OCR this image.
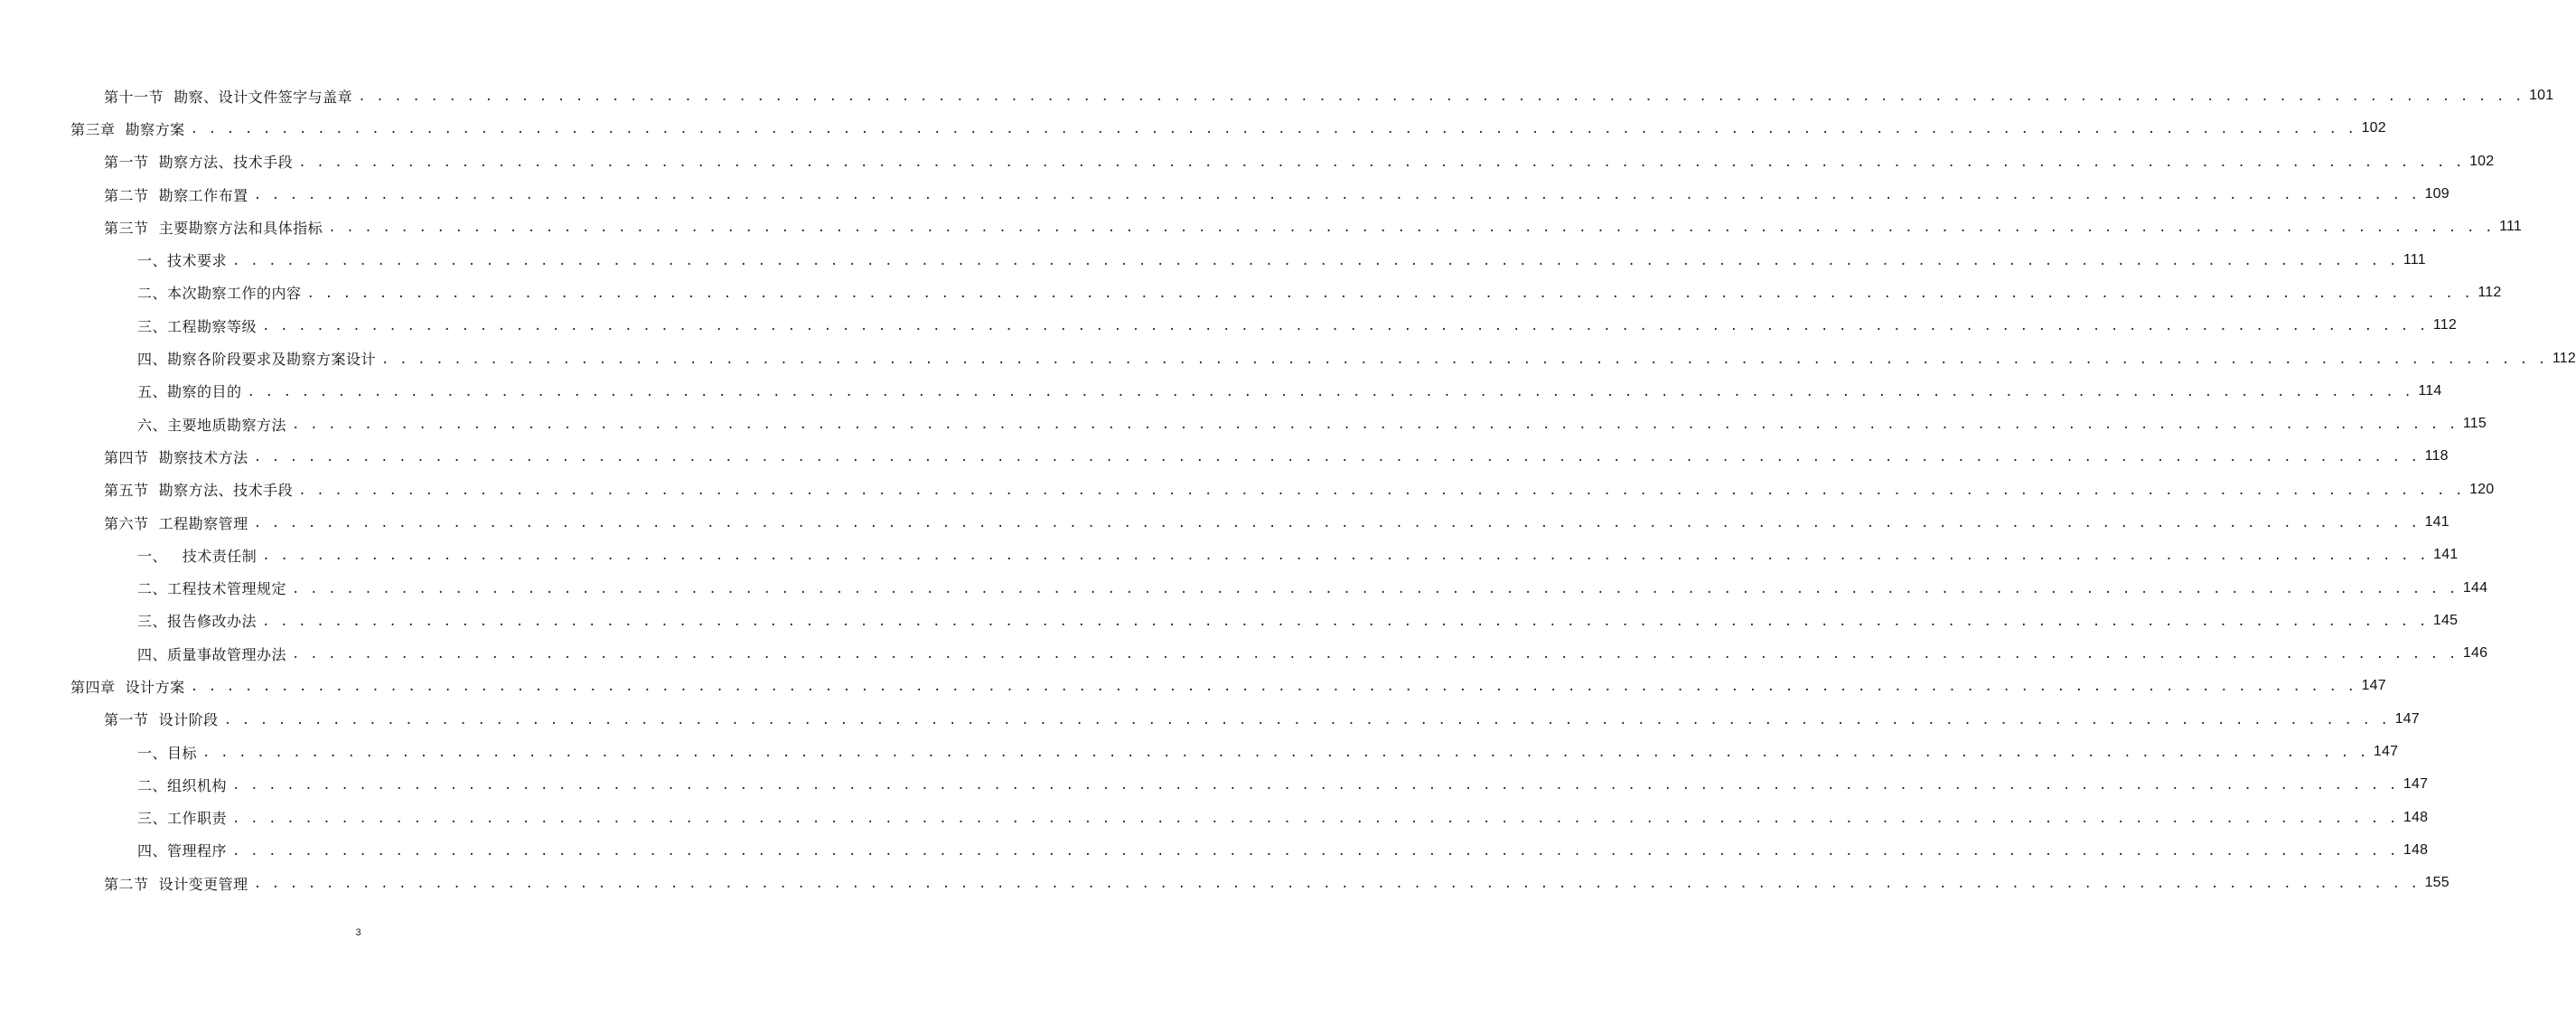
第十一节  勘察、设计文件签字与盖章 . . . . . . . . . . . . . . . . . . . . . . . . . . . . . . . . . . . . . . . . . . . . . . . . . . . . . . . . . . . . . . . . . . . . . . . . . . . . . . . . . . . . . . . . . . . . . . . . . . . . . . . . . . . . . . . . . . . . . . . . 101
第三章  勘察方案 . . . . . . . . . . . . . . . . . . . . . . . . . . . . . . . . . . . . . . . . . . . . . . . . . . . . . . . . . . . . . . . . . . . . . . . . . . . . . . . . . . . . . . . . . . . . . . . . . . . . . . . . . . . . . . . . . . . . . . . . 102
第一节  勘察方法、技术手段 . . . . . . . . . . . . . . . . . . . . . . . . . . . . . . . . . . . . . . . . . . . . . . . . . . . . . . . . . . . . . . . . . . . . . . . . . . . . . . . . . . . . . . . . . . . . . . . . . . . . . . . . . . . . . . . . . . . . . . . . 102
第二节  勘察工作布置 . . . . . . . . . . . . . . . . . . . . . . . . . . . . . . . . . . . . . . . . . . . . . . . . . . . . . . . . . . . . . . . . . . . . . . . . . . . . . . . . . . . . . . . . . . . . . . . . . . . . . . . . . . . . . . . . . . . . . . . . 109
第三节  主要勘察方法和具体指标 . . . . . . . . . . . . . . . . . . . . . . . . . . . . . . . . . . . . . . . . . . . . . . . . . . . . . . . . . . . . . . . . . . . . . . . . . . . . . . . . . . . . . . . . . . . . . . . . . . . . . . . . . . . . . . . . . . . . . . . . 111
一、技术要求 . . . . . . . . . . . . . . . . . . . . . . . . . . . . . . . . . . . . . . . . . . . . . . . . . . . . . . . . . . . . . . . . . . . . . . . . . . . . . . . . . . . . . . . . . . . . . . . . . . . . . . . . . . . . . . . . . . . . . . . . 111
二、本次勘察工作的内容 . . . . . . . . . . . . . . . . . . . . . . . . . . . . . . . . . . . . . . . . . . . . . . . . . . . . . . . . . . . . . . . . . . . . . . . . . . . . . . . . . . . . . . . . . . . . . . . . . . . . . . . . . . . . . . . . . . . . . . . . 112
三、工程勘察等级 . . . . . . . . . . . . . . . . . . . . . . . . . . . . . . . . . . . . . . . . . . . . . . . . . . . . . . . . . . . . . . . . . . . . . . . . . . . . . . . . . . . . . . . . . . . . . . . . . . . . . . . . . . . . . . . . . . . . . . . . 112
四、勘察各阶段要求及勘察方案设计 . . . . . . . . . . . . . . . . . . . . . . . . . . . . . . . . . . . . . . . . . . . . . . . . . . . . . . . . . . . . . . . . . . . . . . . . . . . . . . . . . . . . . . . . . . . . . . . . . . . . . . . . . . . . . . . . . . . . . . . . 112
五、勘察的目的 . . . . . . . . . . . . . . . . . . . . . . . . . . . . . . . . . . . . . . . . . . . . . . . . . . . . . . . . . . . . . . . . . . . . . . . . . . . . . . . . . . . . . . . . . . . . . . . . . . . . . . . . . . . . . . . . . . . . . . . . 114
六、主要地质勘察方法 . . . . . . . . . . . . . . . . . . . . . . . . . . . . . . . . . . . . . . . . . . . . . . . . . . . . . . . . . . . . . . . . . . . . . . . . . . . . . . . . . . . . . . . . . . . . . . . . . . . . . . . . . . . . . . . . . . . . . . . . 115
第四节  勘察技术方法 . . . . . . . . . . . . . . . . . . . . . . . . . . . . . . . . . . . . . . . . . . . . . . . . . . . . . . . . . . . . . . . . . . . . . . . . . . . . . . . . . . . . . . . . . . . . . . . . . . . . . . . . . . . . . . . . . . . . . . . . 118
第五节  勘察方法、技术手段 . . . . . . . . . . . . . . . . . . . . . . . . . . . . . . . . . . . . . . . . . . . . . . . . . . . . . . . . . . . . . . . . . . . . . . . . . . . . . . . . . . . . . . . . . . . . . . . . . . . . . . . . . . . . . . . . . . . . . . . . 120
第六节  工程勘察管理 . . . . . . . . . . . . . . . . . . . . . . . . . . . . . . . . . . . . . . . . . . . . . . . . . . . . . . . . . . . . . . . . . . . . . . . . . . . . . . . . . . . . . . . . . . . . . . . . . . . . . . . . . . . . . . . . . . . . . . . . 141
一、   技术责任制 . . . . . . . . . . . . . . . . . . . . . . . . . . . . . . . . . . . . . . . . . . . . . . . . . . . . . . . . . . . . . . . . . . . . . . . . . . . . . . . . . . . . . . . . . . . . . . . . . . . . . . . . . . . . . . . . . . . . . . . . 141
二、工程技术管理规定 . . . . . . . . . . . . . . . . . . . . . . . . . . . . . . . . . . . . . . . . . . . . . . . . . . . . . . . . . . . . . . . . . . . . . . . . . . . . . . . . . . . . . . . . . . . . . . . . . . . . . . . . . . . . . . . . . . . . . . . . 144
三、报告修改办法 . . . . . . . . . . . . . . . . . . . . . . . . . . . . . . . . . . . . . . . . . . . . . . . . . . . . . . . . . . . . . . . . . . . . . . . . . . . . . . . . . . . . . . . . . . . . . . . . . . . . . . . . . . . . . . . . . . . . . . . . 145
四、质量事故管理办法 . . . . . . . . . . . . . . . . . . . . . . . . . . . . . . . . . . . . . . . . . . . . . . . . . . . . . . . . . . . . . . . . . . . . . . . . . . . . . . . . . . . . . . . . . . . . . . . . . . . . . . . . . . . . . . . . . . . . . . . . 146
第四章  设计方案 . . . . . . . . . . . . . . . . . . . . . . . . . . . . . . . . . . . . . . . . . . . . . . . . . . . . . . . . . . . . . . . . . . . . . . . . . . . . . . . . . . . . . . . . . . . . . . . . . . . . . . . . . . . . . . . . . . . . . . . . 147
第一节  设计阶段 . . . . . . . . . . . . . . . . . . . . . . . . . . . . . . . . . . . . . . . . . . . . . . . . . . . . . . . . . . . . . . . . . . . . . . . . . . . . . . . . . . . . . . . . . . . . . . . . . . . . . . . . . . . . . . . . . . . . . . . . 147
一、目标 . . . . . . . . . . . . . . . . . . . . . . . . . . . . . . . . . . . . . . . . . . . . . . . . . . . . . . . . . . . . . . . . . . . . . . . . . . . . . . . . . . . . . . . . . . . . . . . . . . . . . . . . . . . . . . . . . . . . . . . . 147
二、组织机构 . . . . . . . . . . . . . . . . . . . . . . . . . . . . . . . . . . . . . . . . . . . . . . . . . . . . . . . . . . . . . . . . . . . . . . . . . . . . . . . . . . . . . . . . . . . . . . . . . . . . . . . . . . . . . . . . . . . . . . . . 147
三、工作职责 . . . . . . . . . . . . . . . . . . . . . . . . . . . . . . . . . . . . . . . . . . . . . . . . . . . . . . . . . . . . . . . . . . . . . . . . . . . . . . . . . . . . . . . . . . . . . . . . . . . . . . . . . . . . . . . . . . . . . . . . 148
四、管理程序 . . . . . . . . . . . . . . . . . . . . . . . . . . . . . . . . . . . . . . . . . . . . . . . . . . . . . . . . . . . . . . . . . . . . . . . . . . . . . . . . . . . . . . . . . . . . . . . . . . . . . . . . . . . . . . . . . . . . . . . . 148
第二节  设计变更管理 . . . . . . . . . . . . . . . . . . . . . . . . . . . . . . . . . . . . . . . . . . . . . . . . . . . . . . . . . . . . . . . . . . . . . . . . . . . . . . . . . . . . . . . . . . . . . . . . . . . . . . . . . . . . . . . . . . . . . . . . 155
3
